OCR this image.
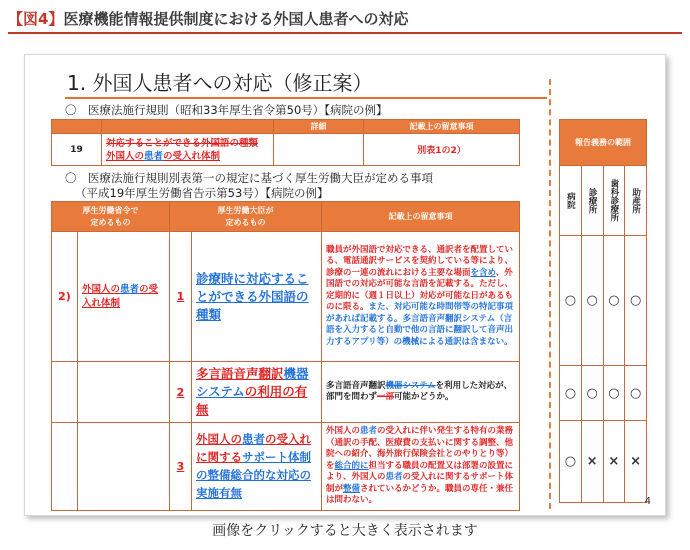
【図4】医療機能情報提供制度における外国人患者への対応
1. 外国人患者への対応（修正案）
〇　医療法施行規則（昭和33年厚生省令第50号）【病院の例】
		詳細	記載上の留意事項
19	対応することができる外国語の種類
外国人の患者の受入れ体制		別表1の2）
〇　医療法施行規則別表第一の規定に基づく厚生労働大臣が定める事項
（平成19年厚生労働省告示第53号）【病院の例】
厚生労働省令で
定めるもの		厚生労働大臣が
定めるもの		記載上の留意事項
2)	外国人の患者の受入れ体制	1	診療時に対応することができる外国語の種類	職員が外国語で対応できる、通訳者を配置している、電話通訳サービスを契約している等により、診療の一連の流れにおける主要な場面を含め、外国語での対応が可能な言語を記載する。ただし、定期的に（週１日以上）対応が可能な日があるものに限る。また、対応可能な時間帯等の特記事項があれば記載する。多言語音声翻訳システム（言語を入力すると自動で他の言語に翻訳して音声出力するアプリ等）の機械による通訳は含まない。
		2	多言語音声翻訳機器システムの利用の有無	多言語音声翻訳機器システムを利用した対応が、部門を問わず一部可能かどうか。
		3	外国人の患者の受入れに関するサポート体制の整備総合的な対応の実施有無	外国人の患者の受入れに伴い発生する特有の業務（通訳の手配、医療費の支払いに関する調整、他院への紹介、海外旅行保険会社とのやりとり等）を総合的に担当する職員の配置又は部署の設置により、外国人の患者の受入れに関するサポート体制が整備されているかどうか。職員の専任・兼任は問わない。
報告義務の範囲			

病院	診療所	歯科診療所	助産所

○	○	○	○
○	○	○	○
○	×	×	×
4
画像をクリックすると大きく表示されます
